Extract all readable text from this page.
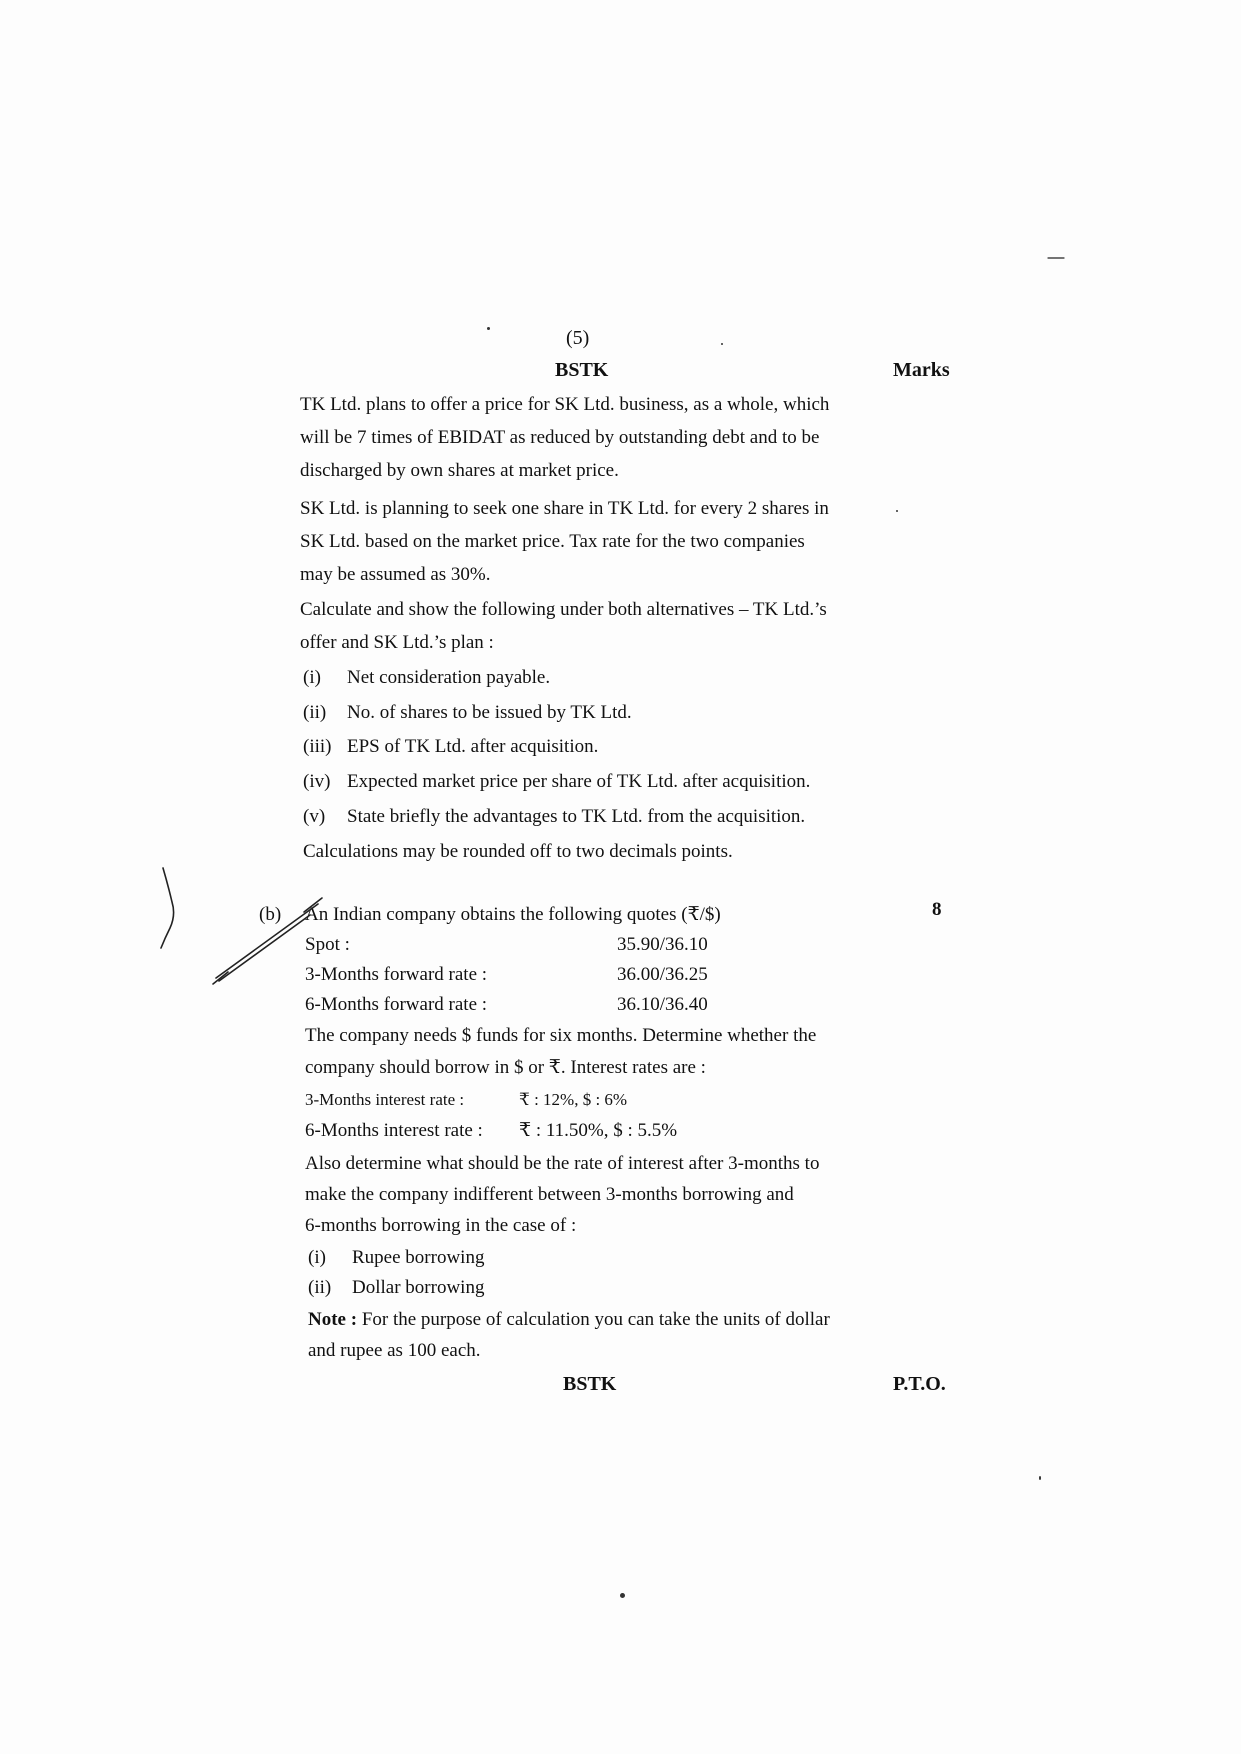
(5)
BSTK	Marks
TK Ltd. plans to offer a price for SK Ltd. business, as a whole, which
will be 7 times of EBIDAT as reduced by outstanding debt and to be
discharged by own shares at market price.
SK Ltd. is planning to seek one share in TK Ltd. for every 2 shares in
SK Ltd. based on the market price. Tax rate for the two companies
may be assumed as 30%.
Calculate and show the following under both alternatives – TK Ltd.’s
offer and SK Ltd.’s plan :
(i) Net consideration payable.
(ii) No. of shares to be issued by TK Ltd.
(iii) EPS of TK Ltd. after acquisition.
(iv) Expected market price per share of TK Ltd. after acquisition.
(v) State briefly the advantages to TK Ltd. from the acquisition.
Calculations may be rounded off to two decimals points.
(b) An Indian company obtains the following quotes (₹/$)	8
Spot :	35.90/36.10
3-Months forward rate :	36.00/36.25
6-Months forward rate :	36.10/36.40
The company needs $ funds for six months. Determine whether the
company should borrow in $ or ₹. Interest rates are :
3-Months interest rate :	₹ : 12%, $ : 6%
6-Months interest rate : ₹ : 11.50%, $ : 5.5%
Also determine what should be the rate of interest after 3-months to
make the company indifferent between 3-months borrowing and
6-months borrowing in the case of :
(i) Rupee borrowing
(ii) Dollar borrowing
Note : For the purpose of calculation you can take the units of dollar
and rupee as 100 each.
BSTK	P.T.O.
